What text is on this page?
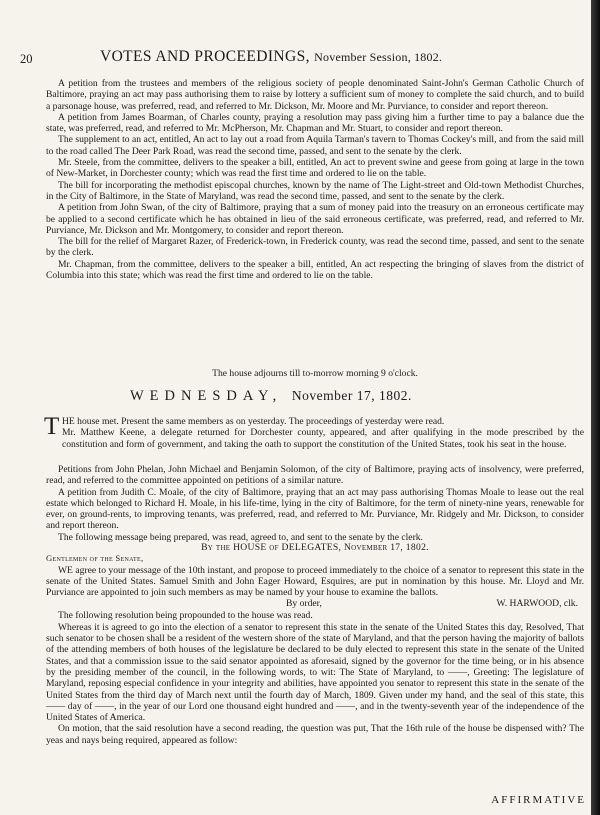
20	VOTES AND PROCEEDINGS, November Session, 1802.

A petition from the trustees and members of the religious society of people denominated Saint-John's German Catholic Church of Baltimore, praying an act may pass authorising them to raise by lottery a sufficient sum of money to complete the said church, and to build a parsonage house, was preferred, read, and referred to Mr. Dickson, Mr. Moore and Mr. Purviance, to consider and report thereon.

A petition from James Boarman, of Charles county, praying a resolution may pass giving him a further time to pay a balance due the state, was preferred, read, and referred to Mr. McPherson, Mr. Chapman and Mr. Stuart, to consider and report thereon.

The supplement to an act, entitled, An act to lay out a road from Aquila Tarman's tavern to Thomas Cockey's mill, and from the said mill to the road called The Deer Park Road, was read the second time, passed, and sent to the senate by the clerk.

Mr. Steele, from the committee, delivers to the speaker a bill, entitled, An act to prevent swine and geese from going at large in the town of New-Market, in Dorchester county; which was read the first time and ordered to lie on the table.

The bill for incorporating the methodist episcopal churches, known by the name of The Light-street and Old-town Methodist Churches, in the City of Baltimore, in the State of Maryland, was read the second time, passed, and sent to the senate by the clerk.

A petition from John Swan, of the city of Baltimore, praying that a sum of money paid into the treasury on an erroneous certificate may be applied to a second certificate which he has obtained in lieu of the said erroneous certificate, was preferred, read, and referred to Mr. Purviance, Mr. Dickson and Mr. Montgomery, to consider and report thereon.

The bill for the relief of Margaret Razer, of Frederick-town, in Frederick county, was read the second time, passed, and sent to the senate by the clerk.

Mr. Chapman, from the committee, delivers to the speaker a bill, entitled, An act respecting the bringing of slaves from the district of Columbia into this state; which was read the first time and ordered to lie on the table.

The house adjourns till to-morrow morning 9 o'clock.
WEDNESDAY, November 17, 1802.
T HE house met. Present the same members as on yesterday. The proceedings of yesterday were read.
Mr. Matthew Keene, a delegate returned for Dorchester county, appeared, and after qualifying in the mode prescribed by the constitution and form of government, and taking the oath to support the constitution of the United States, took his seat in the house.

Petitions from John Phelan, John Michael and Benjamin Solomon, of the city of Baltimore, praying acts of insolvency, were preferred, read, and referred to the committee appointed on petitions of a similar nature.

A petition from Judith C. Moale, of the city of Baltimore, praying that an act may pass authorising Thomas Moale to lease out the real estate which belonged to Richard H. Moale, in his life-time, lying in the city of Baltimore, for the term of ninety-nine years, renewable for ever, on ground-rents, to improving tenants, was preferred, read, and referred to Mr. Purviance, Mr. Ridgely and Mr. Dickson, to consider and report thereon.

The following message being prepared, was read, agreed to, and sent to the senate by the clerk.

By the HOUSE of DELEGATES, November 17, 1802.

Gentlemen of the Senate,

WE agree to your message of the 10th instant, and propose to proceed immediately to the choice of a senator to represent this state in the senate of the United States. Samuel Smith and John Eager Howard, Esquires, are put in nomination by this house. Mr. Lloyd and Mr. Purviance are appointed to join such members as may be named by your house to examine the ballots.

By order,	W. HARWOOD, clk.

The following resolution being propounded to the house was read.

Whereas it is agreed to go into the election of a senator to represent this state in the senate of the United States this day, Resolved, That such senator to be chosen shall be a resident of the western shore of the state of Maryland, and that the person having the majority of ballots of the attending members of both houses of the legislature be declared to be duly elected to represent this state in the senate of the United States, and that a commission issue to the said senator appointed as aforesaid, signed by the governor for the time being, or in his absence by the presiding member of the council, in the following words, to wit: The State of Maryland, to ——, Greeting: The legislature of Maryland, reposing especial confidence in your integrity and abilities, have appointed you senator to represent this state in the senate of the United States from the third day of March next until the fourth day of March, 1809. Given under my hand, and the seal of this state, this —— day of ——, in the year of our Lord one thousand eight hundred and ——, and in the twenty-seventh year of the independence of the United States of America.

On motion, that the said resolution have a second reading, the question was put, That the 16th rule of the house be dispensed with? The yeas and nays being required, appeared as follow:

AFFIRMATIVE
